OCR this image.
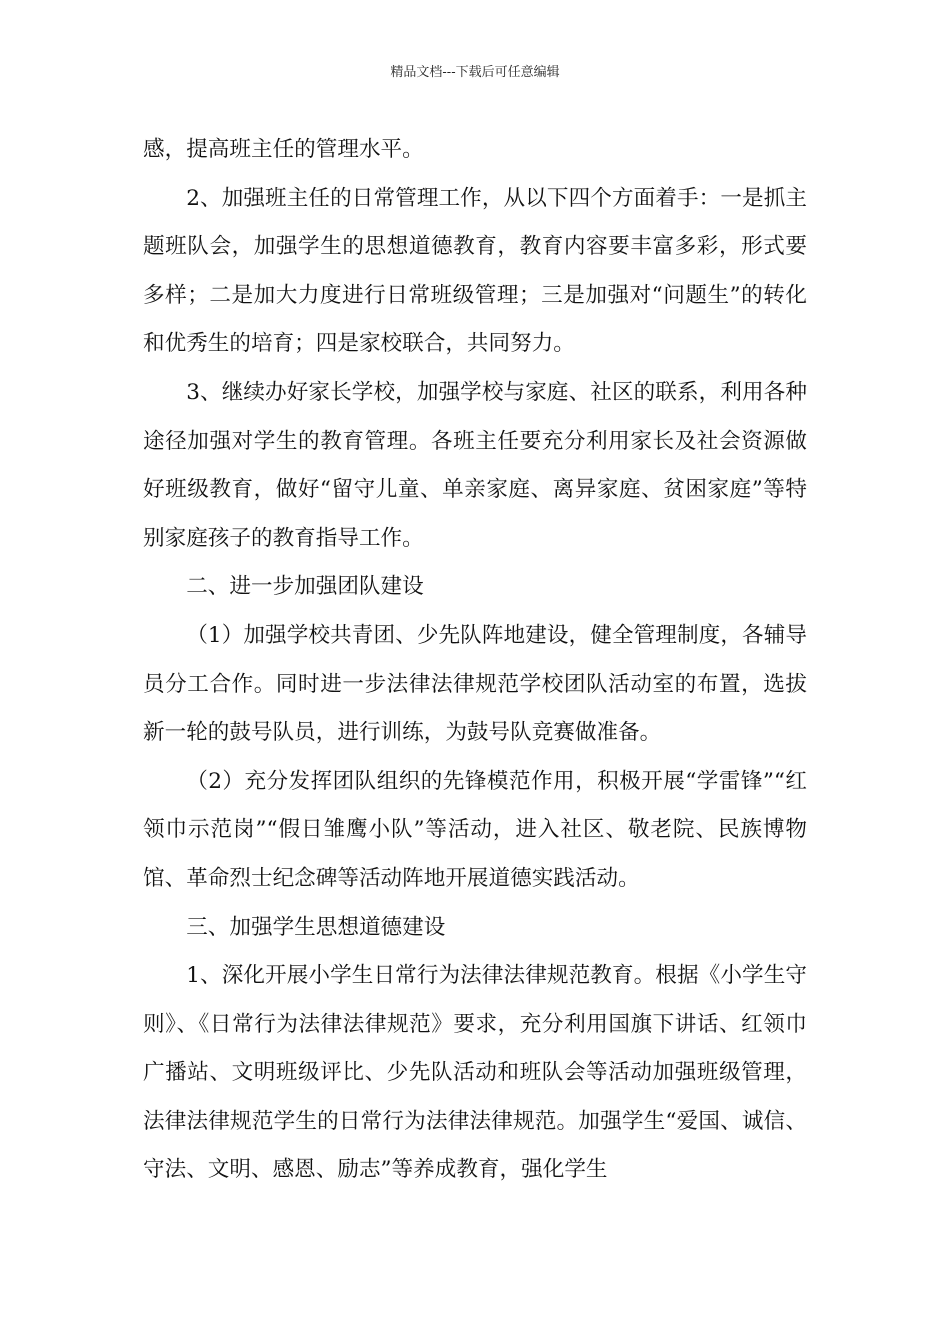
精品文档---下载后可任意编辑

感，提高班主任的管理水平。

2、加强班主任的日常管理工作，从以下四个方面着手：一是抓主题班队会，加强学生的思想道德教育，教育内容要丰富多彩，形式要多样；二是加大力度进行日常班级管理；三是加强对“问题生”的转化和优秀生的培育；四是家校联合，共同努力。

3、继续办好家长学校，加强学校与家庭、社区的联系，利用各种途径加强对学生的教育管理。各班主任要充分利用家长及社会资源做好班级教育，做好“留守儿童、单亲家庭、离异家庭、贫困家庭”等特别家庭孩子的教育指导工作。

二、进一步加强团队建设

（1）加强学校共青团、少先队阵地建设，健全管理制度，各辅导员分工合作。同时进一步法律法律规范学校团队活动室的布置，选拔新一轮的鼓号队员，进行训练，为鼓号队竞赛做准备。

（2）充分发挥团队组织的先锋模范作用，积极开展“学雷锋”“红领巾示范岗”“假日雏鹰小队”等活动，进入社区、敬老院、民族博物馆、革命烈士纪念碑等活动阵地开展道德实践活动。

三、加强学生思想道德建设

1、深化开展小学生日常行为法律法律规范教育。根据《小学生守则》、《日常行为法律法律规范》要求，充分利用国旗下讲话、红领巾广播站、文明班级评比、少先队活动和班队会等活动加强班级管理，法律法律规范学生的日常行为法律法律规范。加强学生“爱国、诚信、守法、文明、感恩、励志”等养成教育，强化学生
